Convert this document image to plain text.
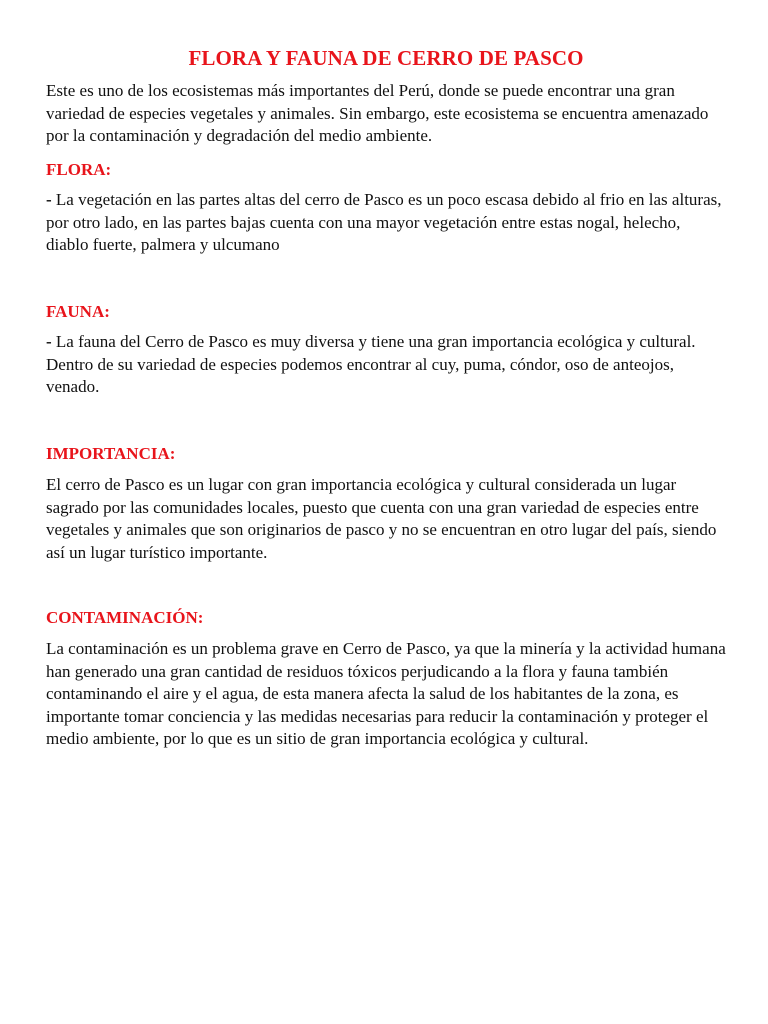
FLORA Y FAUNA DE CERRO DE PASCO

Este es uno de los ecosistemas más importantes del Perú, donde se puede encontrar una gran variedad de especies vegetales y animales. Sin embargo, este ecosistema se encuentra amenazado por la contaminación y degradación del medio ambiente.

FLORA:

- La vegetación en las partes altas del cerro de Pasco es un poco escasa debido al frio en las alturas, por otro lado, en las partes bajas cuenta con una mayor vegetación entre estas nogal, helecho, diablo fuerte, palmera y ulcumano

FAUNA:

- La fauna del Cerro de Pasco es muy diversa y tiene una gran importancia ecológica y cultural. Dentro de su variedad de especies podemos encontrar al cuy, puma, cóndor, oso de anteojos, venado.

IMPORTANCIA:

El cerro de Pasco es un lugar con gran importancia ecológica y cultural considerada un lugar sagrado por las comunidades locales, puesto que cuenta con una gran variedad de especies entre vegetales y animales que son originarios de pasco y no se encuentran en otro lugar del país, siendo así un lugar turístico importante.

CONTAMINACIÓN:

La contaminación es un problema grave en Cerro de Pasco, ya que la minería y la actividad humana han generado una gran cantidad de residuos tóxicos perjudicando a la flora y fauna también contaminando el aire y el agua, de esta manera afecta la salud de los habitantes de la zona, es importante tomar conciencia y las medidas necesarias para reducir la contaminación y proteger el medio ambiente, por lo que es un sitio de gran importancia ecológica y cultural.
